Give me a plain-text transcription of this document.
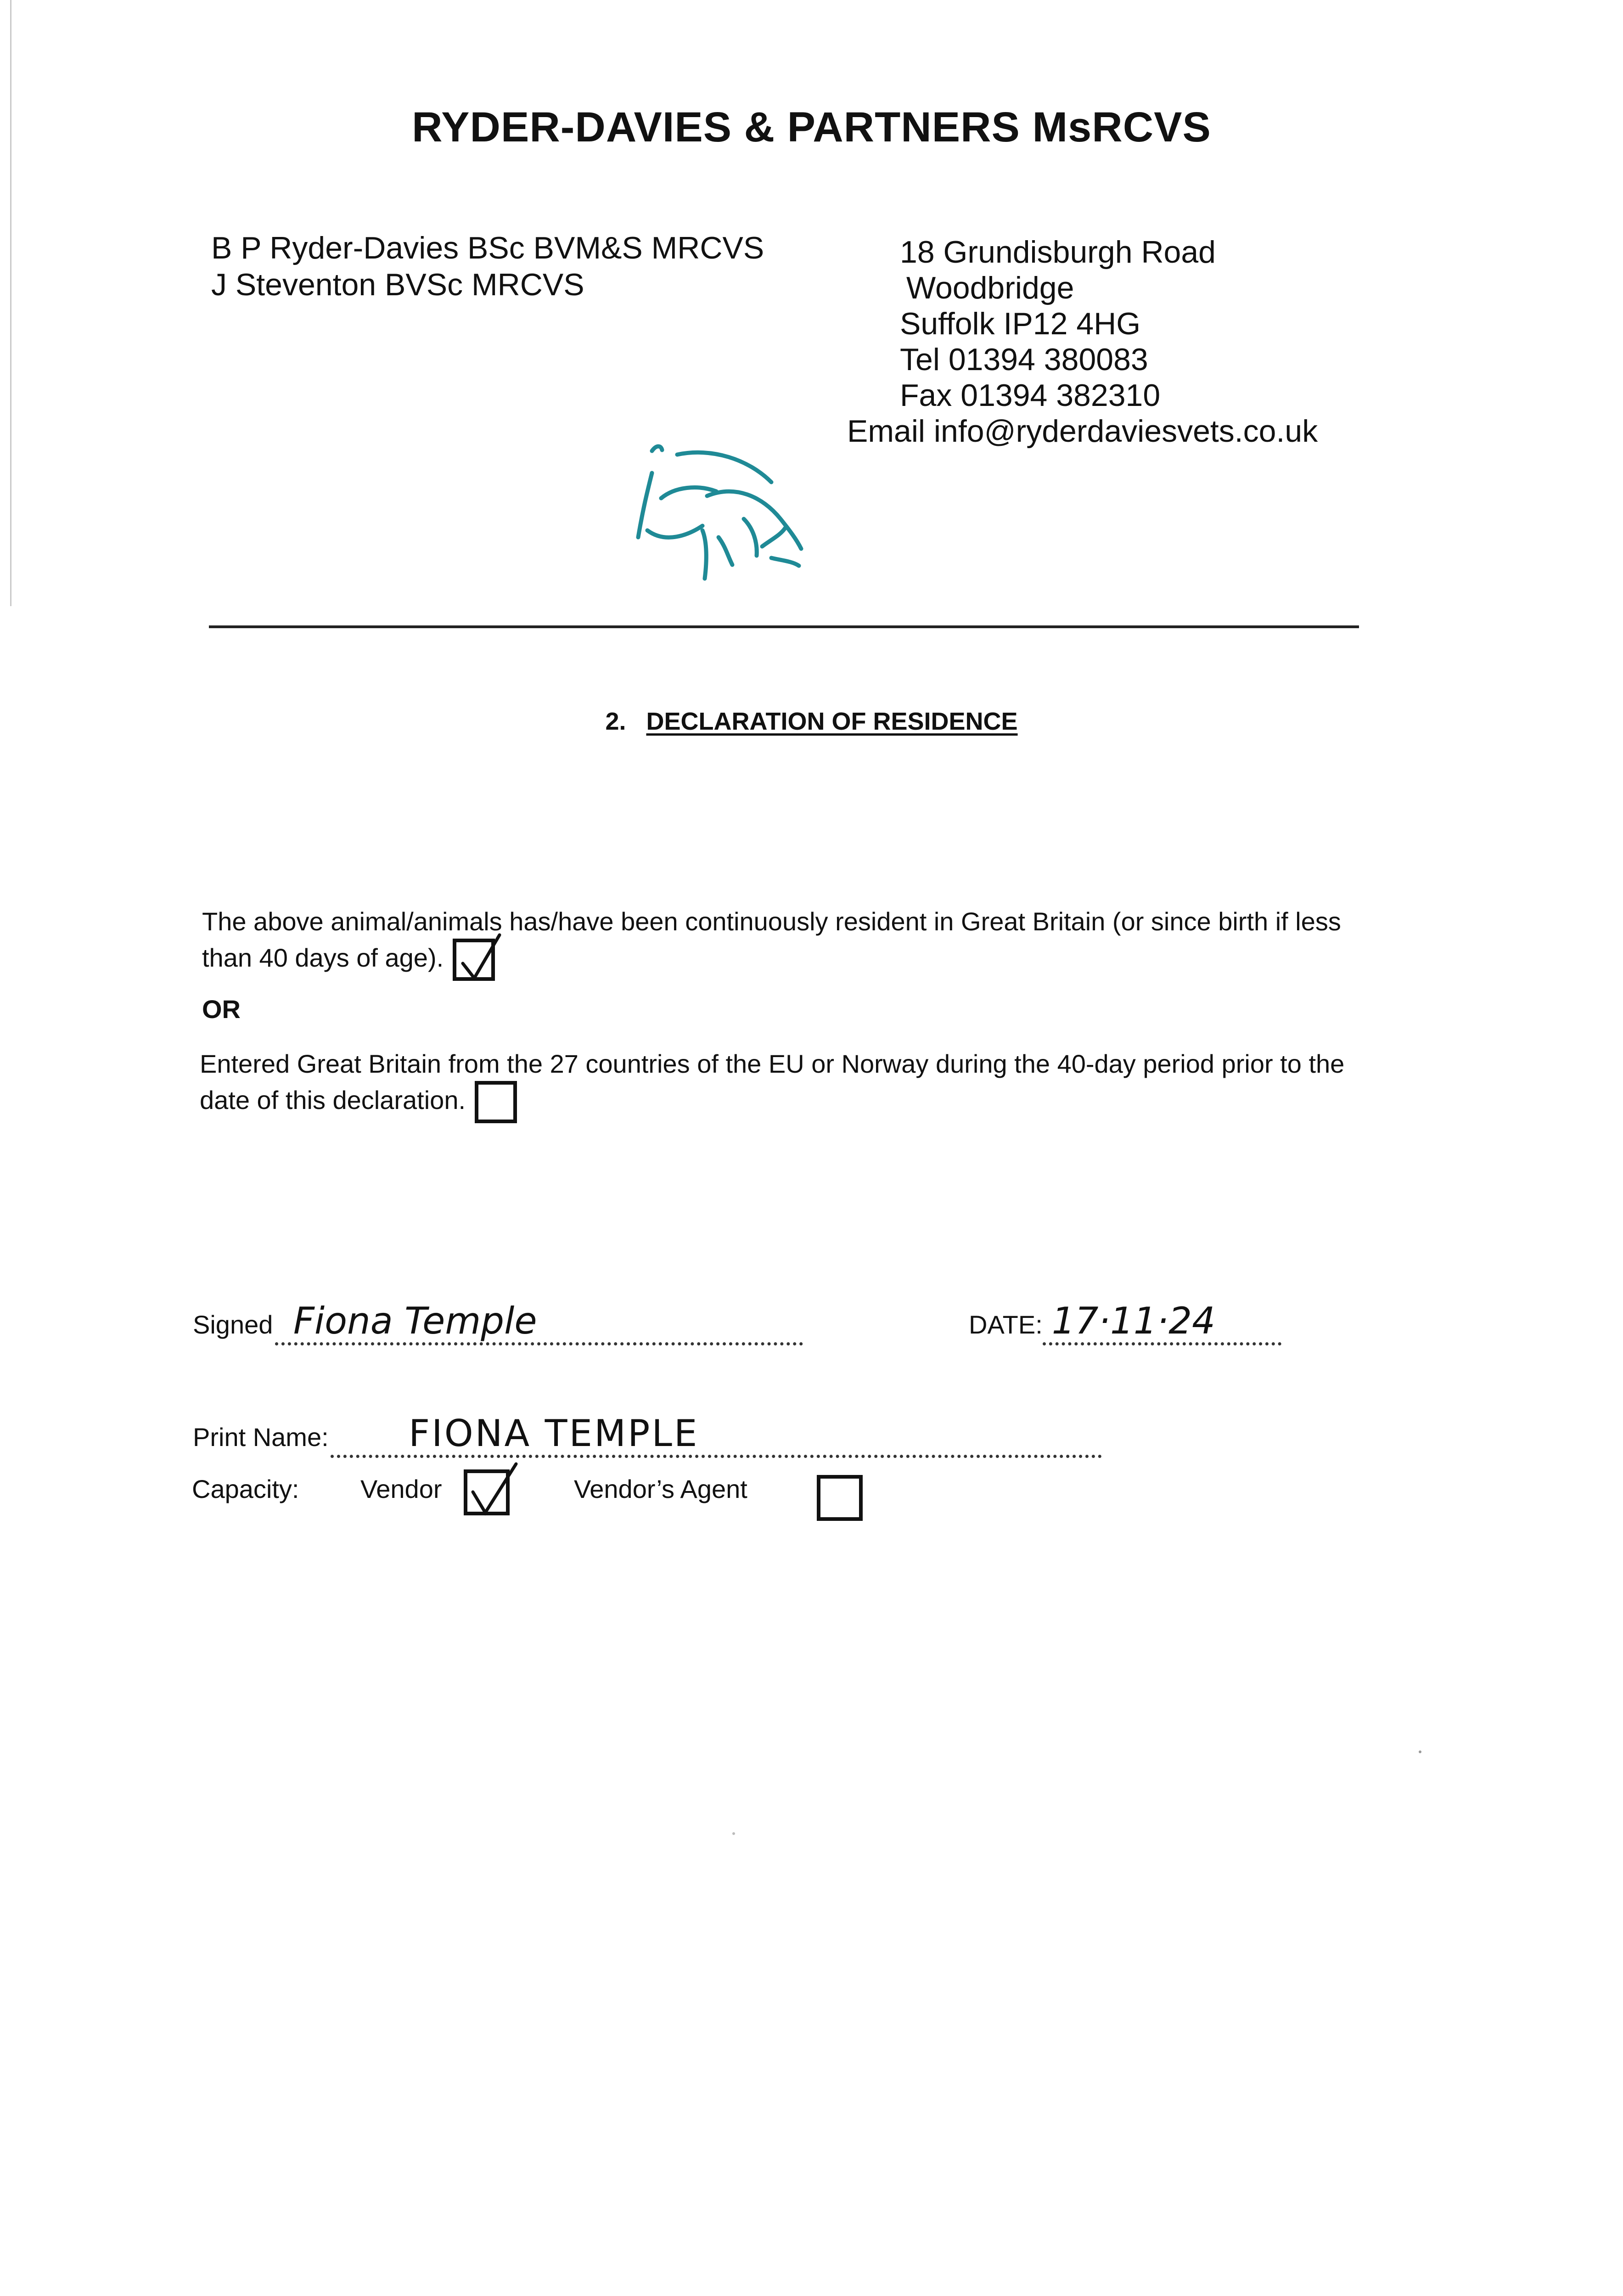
RYDER-DAVIES & PARTNERS MsRCVS
B P Ryder-Davies BSc BVM&S MRCVS
J Steventon BVSc MRCVS
18 Grundisburgh Road
Woodbridge
Suffolk IP12 4HG
Tel 01394 380083
Fax 01394 382310
Email info@ryderdaviesvets.co.uk
2. DECLARATION OF RESIDENCE
The above animal/animals has/have been continuously resident in Great Britain (or since birth if less than 40 days of age).
OR
Entered Great Britain from the 27 countries of the EU or Norway during the 40-day period prior to the date of this declaration.
Signed Fiona Temple	DATE: 17·11·24
Print Name: FIONA TEMPLE
Capacity: Vendor
	Vendor’s Agent
